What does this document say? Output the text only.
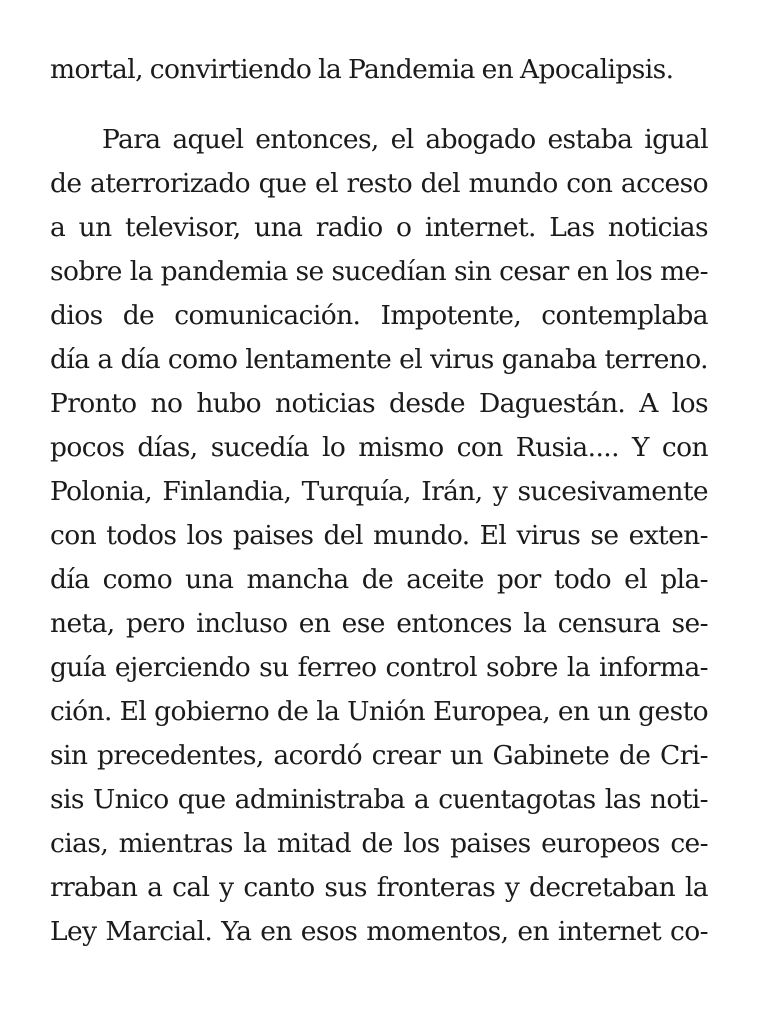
mortal, convirtiendo la Pandemia en Apocalipsis.

Para aquel entonces, el abogado estaba igual
de aterrorizado que el resto del mundo con acceso
a un televisor, una radio o internet. Las noticias
sobre la pandemia se sucedían sin cesar en los me-
dios de comunicación. Impotente, contemplaba
día a día como lentamente el virus ganaba terreno.
Pronto no hubo noticias desde Daguestán. A los
pocos días, sucedía lo mismo con Rusia.... Y con
Polonia, Finlandia, Turquía, Irán, y sucesivamente
con todos los paises del mundo. El virus se exten-
día como una mancha de aceite por todo el pla-
neta, pero incluso en ese entonces la censura se-
guía ejerciendo su ferreo control sobre la informa-
ción. El gobierno de la Unión Europea, en un gesto
sin precedentes, acordó crear un Gabinete de Cri-
sis Unico que administraba a cuentagotas las noti-
cias, mientras la mitad de los paises europeos ce-
rraban a cal y canto sus fronteras y decretaban la
Ley Marcial. Ya en esos momentos, en internet co-
